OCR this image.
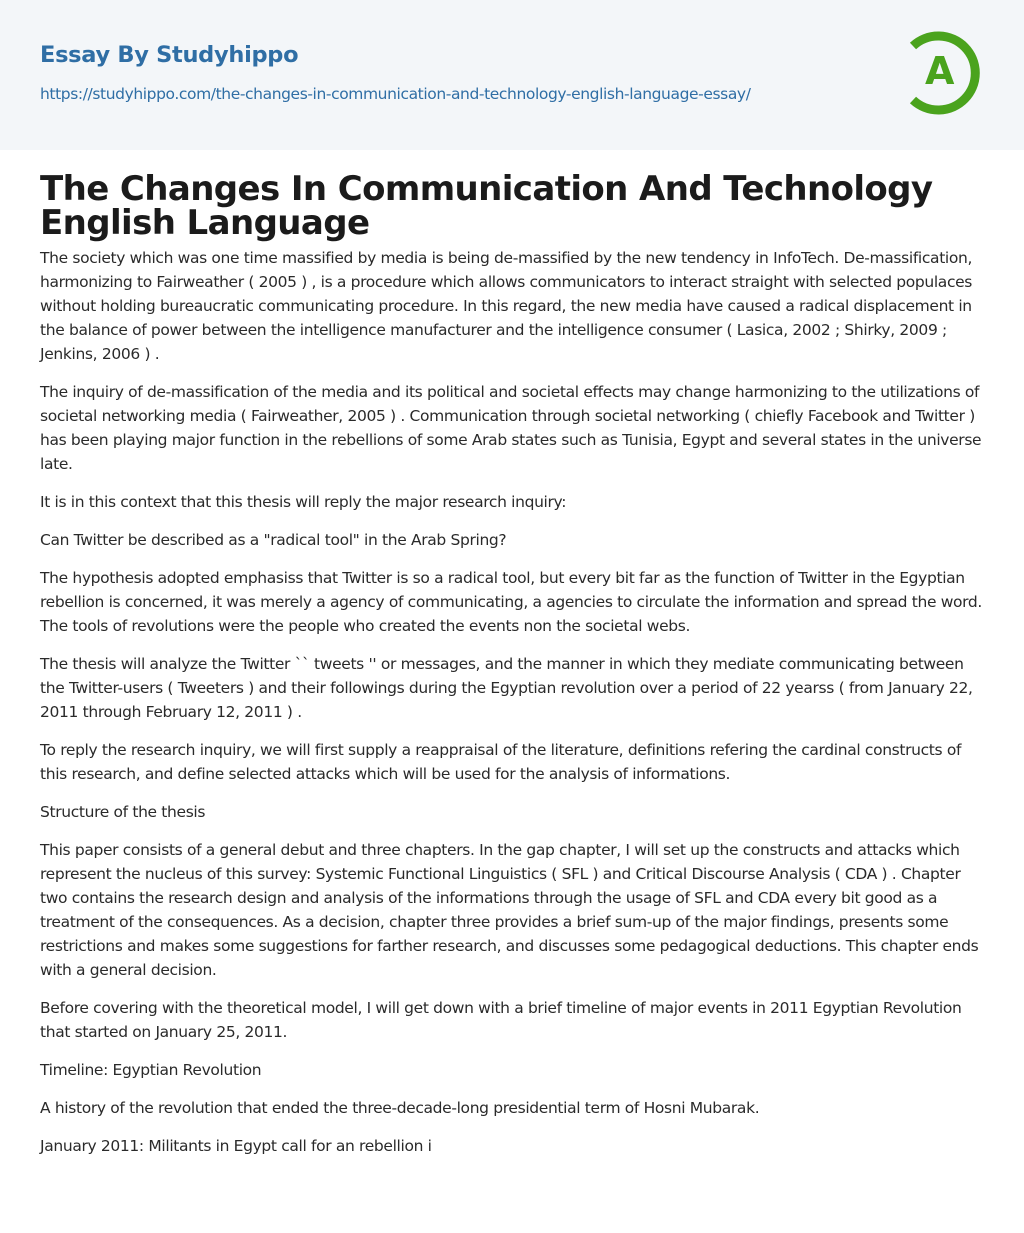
Essay By Studyhippo
https://studyhippo.com/the-changes-in-communication-and-technology-english-language-essay/
A
The Changes In Communication And Technology English Language

The society which was one time massified by media is being de-massified by the new tendency in InfoTech. De-massification, harmonizing to Fairweather ( 2005 ) , is a procedure which allows communicators to interact straight with selected populaces without holding bureaucratic communicating procedure. In this regard, the new media have caused a radical displacement in the balance of power between the intelligence manufacturer and the intelligence consumer ( Lasica, 2002 ; Shirky, 2009 ; Jenkins, 2006 ) .

The inquiry of de-massification of the media and its political and societal effects may change harmonizing to the utilizations of societal networking media ( Fairweather, 2005 ) . Communication through societal networking ( chiefly Facebook and Twitter ) has been playing major function in the rebellions of some Arab states such as Tunisia, Egypt and several states in the universe late.

It is in this context that this thesis will reply the major research inquiry:

Can Twitter be described as a "radical tool" in the Arab Spring?

The hypothesis adopted emphasiss that Twitter is so a radical tool, but every bit far as the function of Twitter in the Egyptian rebellion is concerned, it was merely a agency of communicating, a agencies to circulate the information and spread the word. The tools of revolutions were the people who created the events non the societal webs.

The thesis will analyze the Twitter `` tweets '' or messages, and the manner in which they mediate communicating between the Twitter-users ( Tweeters ) and their followings during the Egyptian revolution over a period of 22 yearss ( from January 22, 2011 through February 12, 2011 ) .

To reply the research inquiry, we will first supply a reappraisal of the literature, definitions refering the cardinal constructs of this research, and define selected attacks which will be used for the analysis of informations.

Structure of the thesis

This paper consists of a general debut and three chapters. In the gap chapter, I will set up the constructs and attacks which represent the nucleus of this survey: Systemic Functional Linguistics ( SFL ) and Critical Discourse Analysis ( CDA ) . Chapter two contains the research design and analysis of the informations through the usage of SFL and CDA every bit good as a treatment of the consequences. As a decision, chapter three provides a brief sum-up of the major findings, presents some restrictions and makes some suggestions for farther research, and discusses some pedagogical deductions. This chapter ends with a general decision.

Before covering with the theoretical model, I will get down with a brief timeline of major events in 2011 Egyptian Revolution that started on January 25, 2011.

Timeline: Egyptian Revolution

A history of the revolution that ended the three-decade-long presidential term of Hosni Mubarak.

January 2011: Militants in Egypt call for an rebellion i
